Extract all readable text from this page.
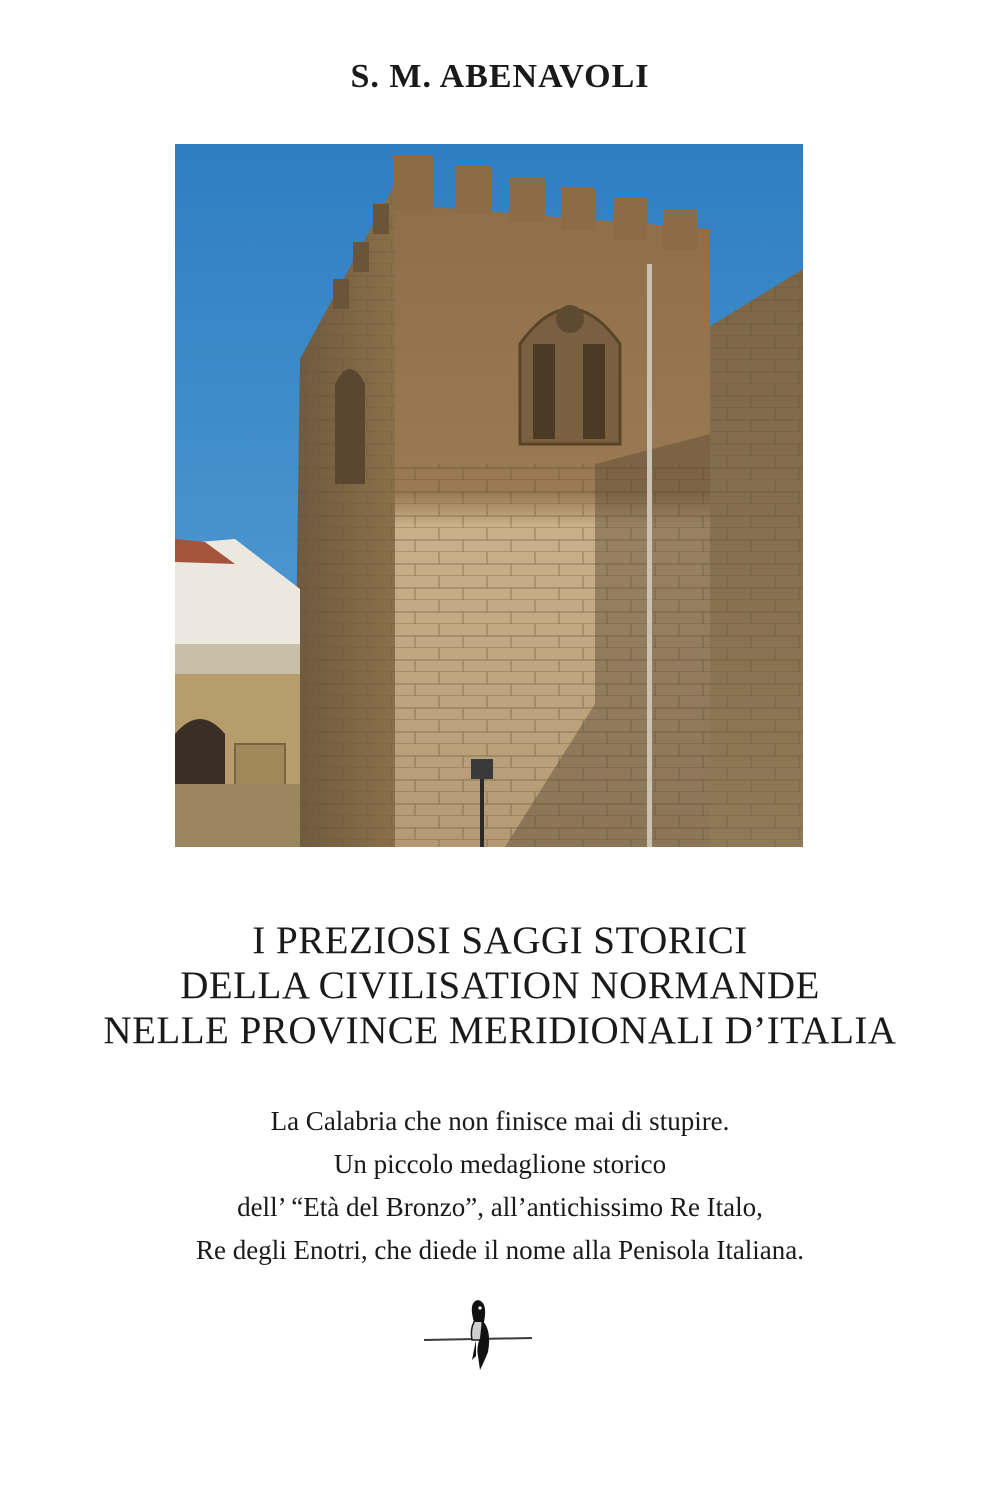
S. M. ABENAVOLI
I PREZIOSI SAGGI STORICI
DELLA CIVILISATION NORMANDE
NELLE PROVINCE MERIDIONALI D’ITALIA
La Calabria che non finisce mai di stupire.
Un piccolo medaglione storico
dell’ “Età del Bronzo”, all’antichissimo Re Italo,
Re degli Enotri, che diede il nome alla Penisola Italiana.
